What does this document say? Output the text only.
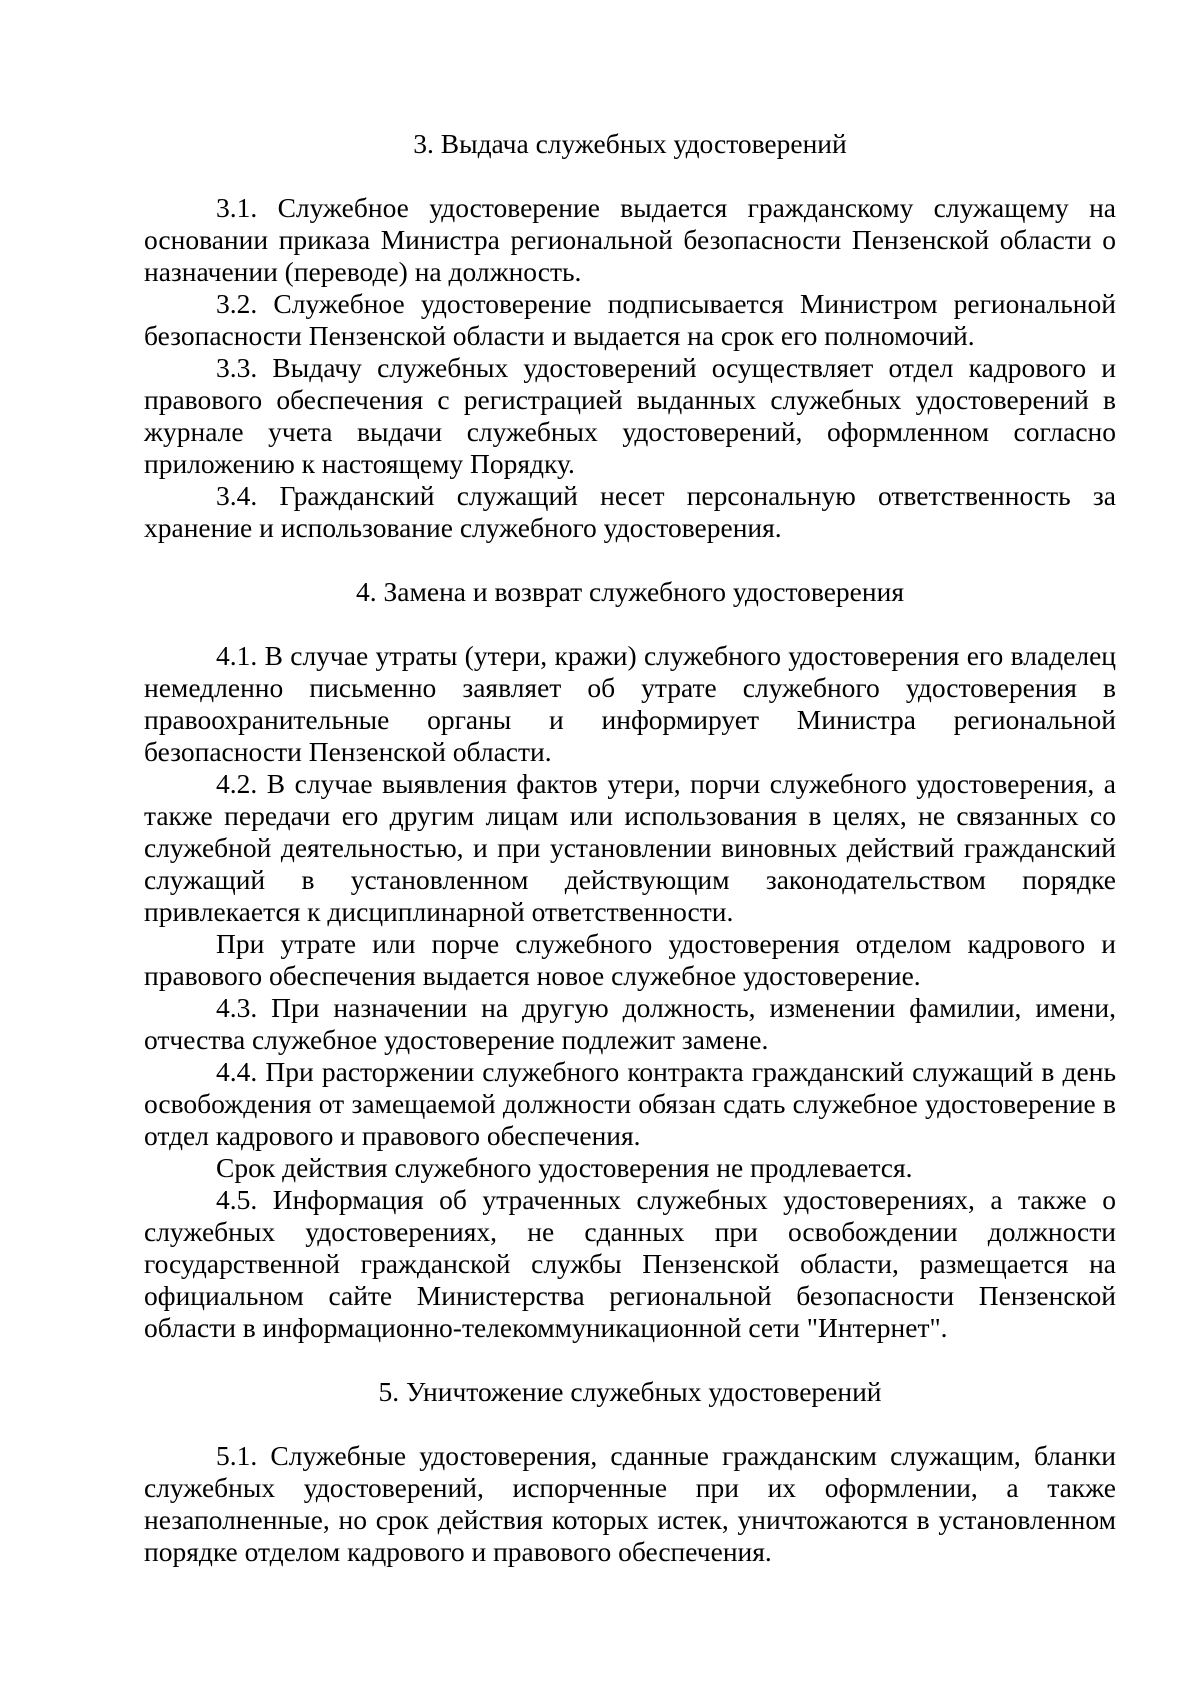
3. Выдача служебных удостоверений

3.1. Служебное удостоверение выдается гражданскому служащему на основании приказа Министра региональной безопасности Пензенской области о назначении (переводе) на должность.

3.2. Служебное удостоверение подписывается Министром региональной безопасности Пензенской области и выдается на срок его полномочий.

3.3. Выдачу служебных удостоверений осуществляет отдел кадрового и правового обеспечения с регистрацией выданных служебных удостоверений в журнале учета выдачи служебных удостоверений, оформленном согласно приложению к настоящему Порядку.

3.4. Гражданский служащий несет персональную ответственность за хранение и использование служебного удостоверения.

4. Замена и возврат служебного удостоверения

4.1. В случае утраты (утери, кражи) служебного удостоверения его владелец немедленно письменно заявляет об утрате служебного удостоверения в правоохранительные органы и информирует Министра региональной безопасности Пензенской области.

4.2. В случае выявления фактов утери, порчи служебного удостоверения, а также передачи его другим лицам или использования в целях, не связанных со служебной деятельностью, и при установлении виновных действий гражданский служащий в установленном действующим законодательством порядке привлекается к дисциплинарной ответственности.

При утрате или порче служебного удостоверения отделом кадрового и правового обеспечения выдается новое служебное удостоверение.

4.3. При назначении на другую должность, изменении фамилии, имени, отчества служебное удостоверение подлежит замене.

4.4. При расторжении служебного контракта гражданский служащий в день освобождения от замещаемой должности обязан сдать служебное удостоверение в отдел кадрового и правового обеспечения.

Срок действия служебного удостоверения не продлевается.

4.5. Информация об утраченных служебных удостоверениях, а также о служебных удостоверениях, не сданных при освобождении должности государственной гражданской службы Пензенской области, размещается на официальном сайте Министерства региональной безопасности Пензенской области в информационно-телекоммуникационной сети "Интернет".

5. Уничтожение служебных удостоверений

5.1. Служебные удостоверения, сданные гражданским служащим, бланки служебных удостоверений, испорченные при их оформлении, а также незаполненные, но срок действия которых истек, уничтожаются в установленном порядке отделом кадрового и правового обеспечения.
